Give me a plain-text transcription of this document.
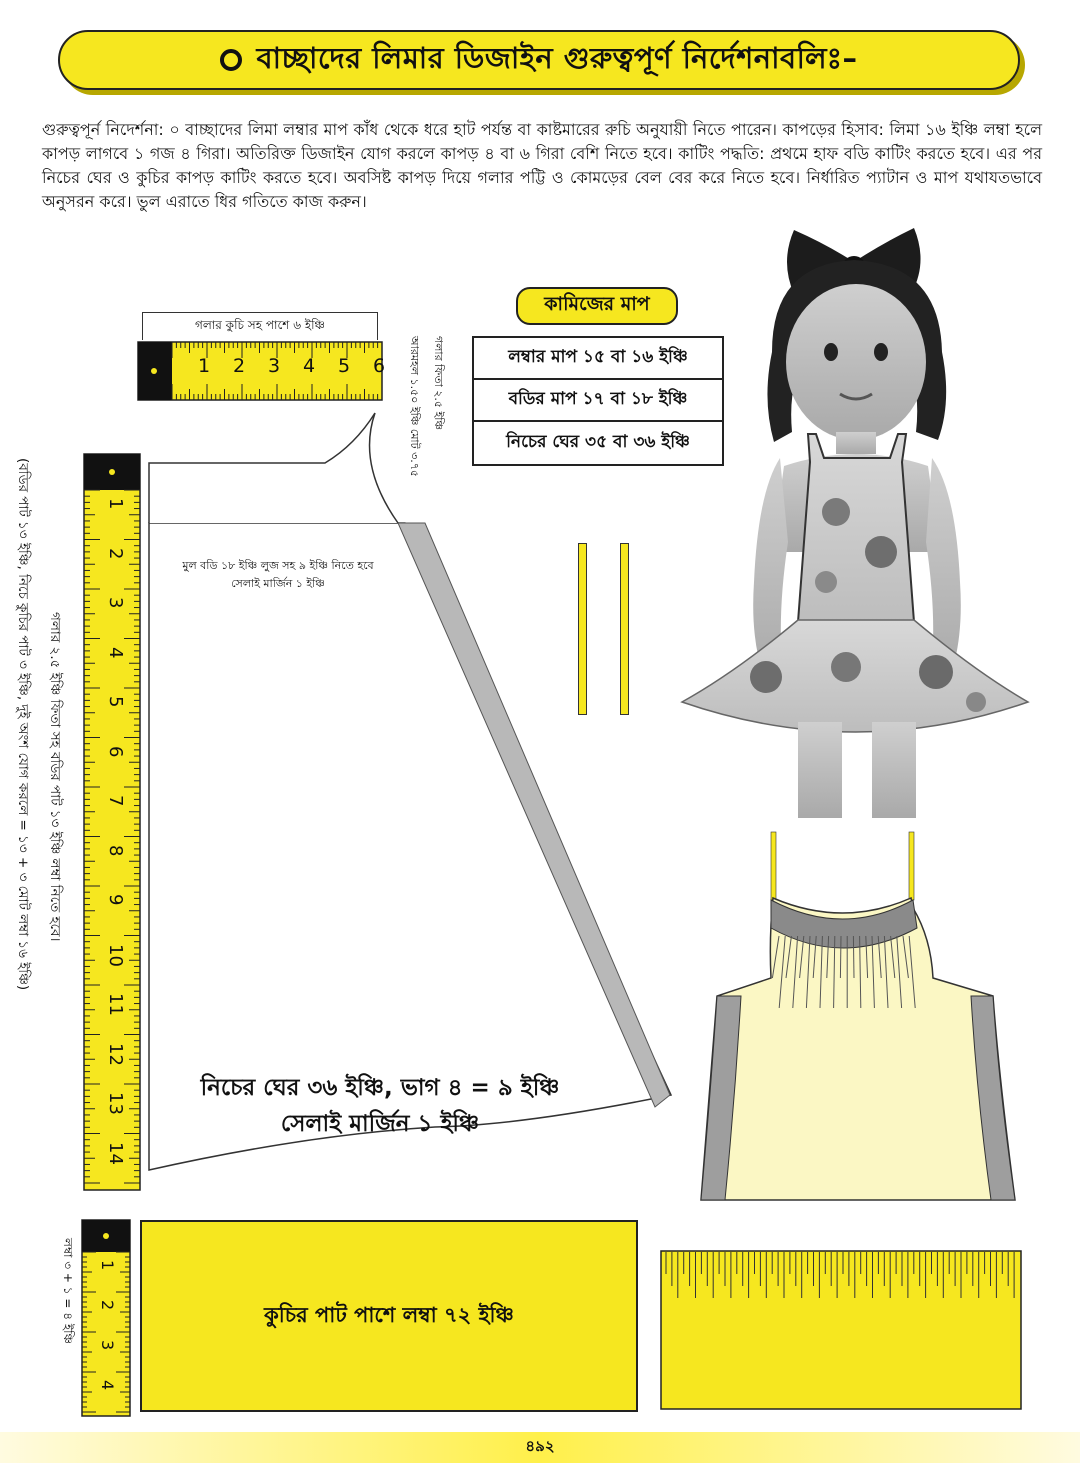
বাচ্ছাদের লিমার ডিজাইন গুরুত্বপূর্ণ নির্দেশনাবলিঃ–

গুরুত্বপূর্ন নিদের্শনা: ০ বাচ্ছাদের লিমা লম্বার মাপ কাঁধ থেকে ধরে হাট পর্যন্ত বা কাষ্টমারের রুচি অনুযায়ী নিতে পারেন। কাপড়ের হিসাব: লিমা ১৬ ইঞ্চি লম্বা হলে কাপড় লাগবে ১ গজ ৪ গিরা। অতিরিক্ত ডিজাইন যোগ করলে কাপড় ৪ বা ৬ গিরা বেশি নিতে হবে। কাটিং পদ্ধতি: প্রথমে হাফ বডি কাটিং করতে হবে। এর পর নিচের ঘের ও কুচির কাপড় কাটিং করতে হবে। অবসিষ্ট কাপড় দিয়ে গলার পট্টি ও কোমড়ের বেল বের করে নিতে হবে। নির্ধারিত প্যাটান ও মাপ যথাযতভাবে অনুসরন করে। ভুল এরাতে ধির গতিতে কাজ করুন।

গলার কুচি সহ পাশে ৬ ইঞ্চি
1 2 3 4 5 6	গলার ফিতা ২.৫ ইঞ্চি
আরমহল ১.৫০ ইঞ্চি মোট ৩.৭৫
মুল বডি ১৮ ইঞ্চি লুজ সহ ৯ ইঞ্চি নিতে হবে
সেলাই মার্জিন ১ ইঞ্চি
নিচের ঘের ৩৬ ইঞ্চি, ভাগ ৪ = ৯ ইঞ্চি
সেলাই মার্জিন ১ ইঞ্চি
1
2
3
4
5
6
7
8
9
10
11
12
13
14
(বডির পাট ১৩ ইঞ্চি, নিচে কুচির পাট ৩ ইঞ্চি, দুই অংশ যোগ করলে = ১৩ + ৩ মোট লম্বা ১৬ ইঞ্চি) গলার ২.৫ ইঞ্চি ফিতা সহ বডির পাট ১৩ ইঞ্চি লম্বা নিতে হবে।
কামিজের মাপ
লম্বার মাপ ১৫ বা ১৬ ইঞ্চি
বডির মাপ ১৭ বা ১৮ ইঞ্চি
নিচের ঘের ৩৫ বা ৩৬ ইঞ্চি
1
2
3
4
লম্বা ৩ + ১ = ৪ ইঞ্চি	কুচির পাট পাশে লম্বা ৭২ ইঞ্চি
৪৯২
